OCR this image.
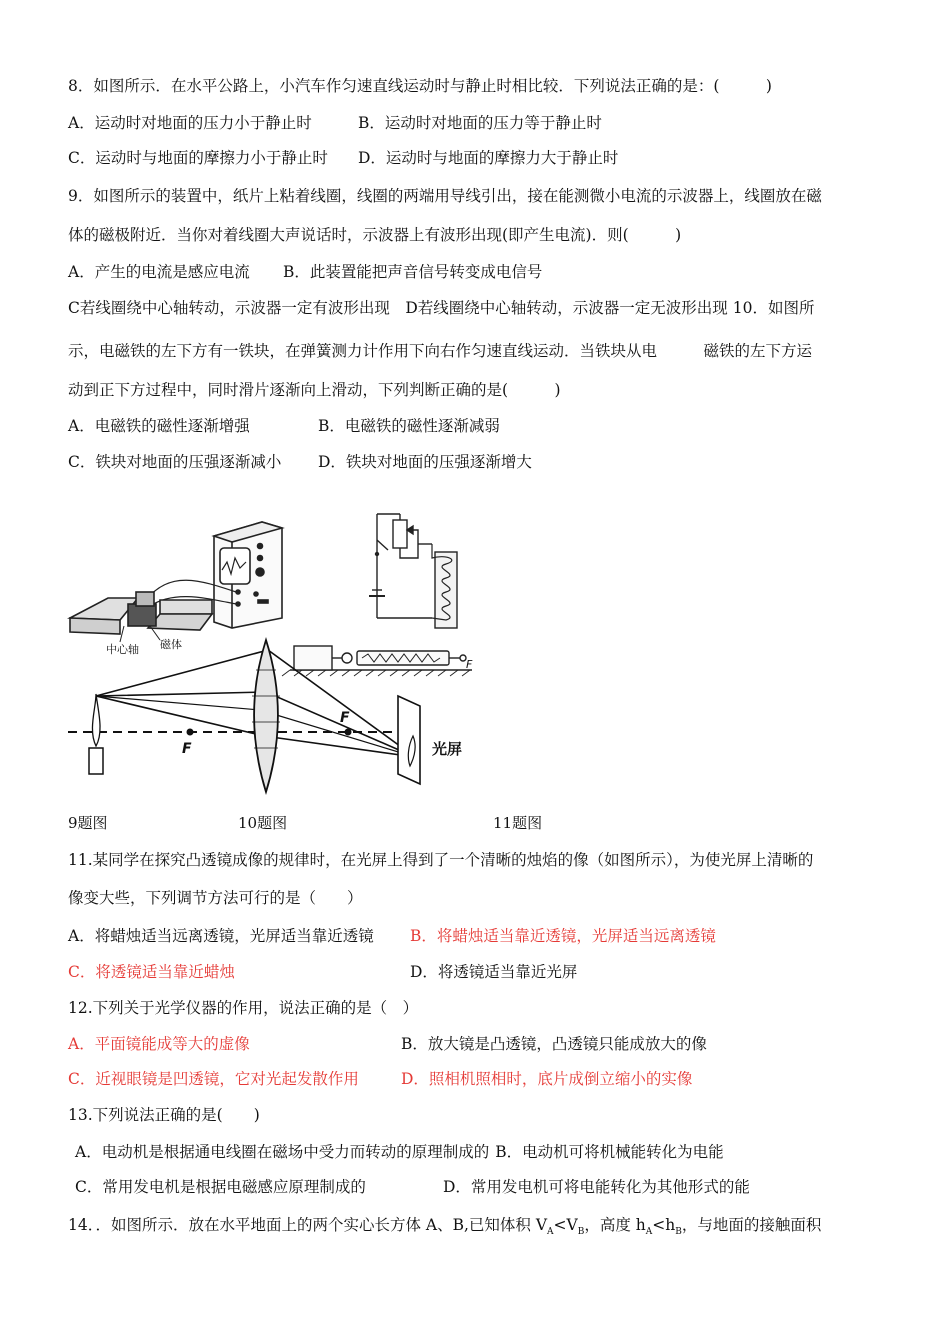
8．如图所示．在水平公路上，小汽车作匀速直线运动时与静止时相比较．下列说法正确的是：(　　　)
A．运动时对地面的压力小于静止时	B．运动时对地面的压力等于静止时
C．运动时与地面的摩擦力小于静止时 D．运动时与地面的摩擦力大于静止时
9．如图所示的装置中，纸片上粘着线圈，线圈的两端用导线引出，接在能测微小电流的示波器上，线圈放在磁
体的磁极附近．当你对着线圈大声说话时，示波器上有波形出现(即产生电流)．则(　　　)
A．产生的电流是感应电流 B．此装置能把声音信号转变成电信号
C若线圈绕中心轴转动，示波器一定有波形出现　D若线圈绕中心轴转动，示波器一定无波形出现 10．如图所
示，电磁铁的左下方有一铁块，在弹簧测力计作用下向右作匀速直线运动．当铁块从电　　　磁铁的左下方运
动到正下方过程中，同时滑片逐渐向上滑动，下列判断正确的是(　　　)
A．电磁铁的磁性逐渐增强	B．电磁铁的磁性逐渐减弱
C．铁块对地面的压强逐渐减小 D．铁块对地面的压强逐渐增大
中心轴 磁体
F
F
F
光屏
9题图	10题图	11题图
11.某同学在探究凸透镜成像的规律时，在光屏上得到了一个清晰的烛焰的像（如图所示），为使光屏上清晰的
像变大些，下列调节方法可行的是（　　）
A．将蜡烛适当远离透镜，光屏适当靠近透镜 B．将蜡烛适当靠近透镜，光屏适当远离透镜
C．将透镜适当靠近蜡烛	D．将透镜适当靠近光屏
12.下列关于光学仪器的作用，说法正确的是（　）
A．平面镜能成等大的虚像	B．放大镜是凸透镜，凸透镜只能成放大的像
C．近视眼镜是凹透镜，它对光起发散作用	D．照相机照相时，底片成倒立缩小的实像
13.下列说法正确的是(　　)
A．电动机是根据通电线圈在磁场中受力而转动的原理制成的 B．电动机可将机械能转化为电能
C．常用发电机是根据电磁感应原理制成的	D．常用发电机可将电能转化为其他形式的能
14．．如图所示．放在水平地面上的两个实心长方体 A、B,已知体积 $V_A<V_B$，高度 $h_A<h_B$，与地面的接触面积
